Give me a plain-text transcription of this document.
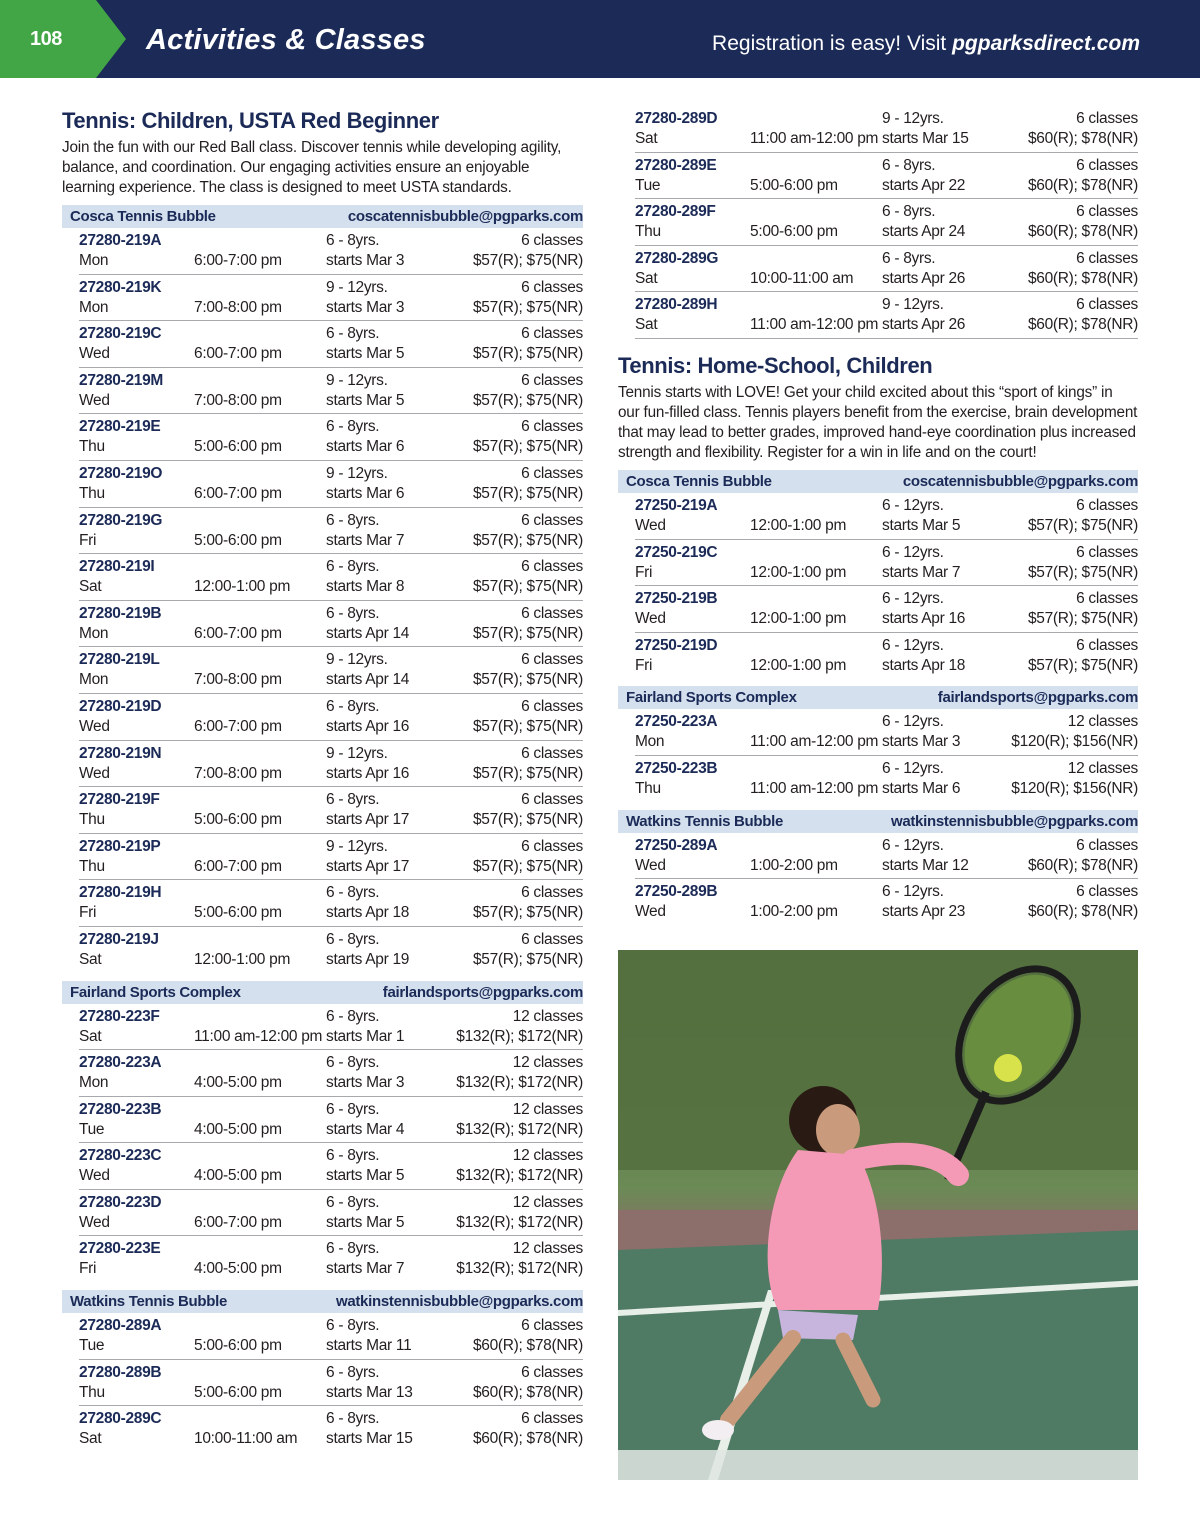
108	Activities & Classes	Registration is easy! Visit pgparksdirect.com
Tennis: Children, USTA Red Beginner

Join the fun with our Red Ball class. Discover tennis while developing agility, balance, and coordination. Our engaging activities ensure an enjoyable learning experience. The class is designed to meet USTA standards.

Cosca Tennis Bubble	coscatennisbubble@pgparks.com
27280-219A
Mon	6:00-7:00 pm
6 - 8yrs.	6 classes
starts Mar 3	$57(R); $75(NR)
27280-219K
Mon	7:00-8:00 pm
9 - 12yrs.	6 classes
starts Mar 3	$57(R); $75(NR)
27280-219C
Wed	6:00-7:00 pm
6 - 8yrs.	6 classes
starts Mar 5	$57(R); $75(NR)
27280-219M
Wed	7:00-8:00 pm
9 - 12yrs.	6 classes
starts Mar 5	$57(R); $75(NR)
27280-219E
Thu	5:00-6:00 pm
6 - 8yrs.	6 classes
starts Mar 6	$57(R); $75(NR)
27280-219O
Thu	6:00-7:00 pm
9 - 12yrs.	6 classes
starts Mar 6	$57(R); $75(NR)
27280-219G
Fri	5:00-6:00 pm
6 - 8yrs.	6 classes
starts Mar 7	$57(R); $75(NR)
27280-219I
Sat	12:00-1:00 pm
6 - 8yrs.	6 classes
starts Mar 8	$57(R); $75(NR)
27280-219B
Mon	6:00-7:00 pm
6 - 8yrs.	6 classes
starts Apr 14	$57(R); $75(NR)
27280-219L
Mon	7:00-8:00 pm
9 - 12yrs.	6 classes
starts Apr 14	$57(R); $75(NR)
27280-219D
Wed	6:00-7:00 pm
6 - 8yrs.	6 classes
starts Apr 16	$57(R); $75(NR)
27280-219N
Wed	7:00-8:00 pm
9 - 12yrs.	6 classes
starts Apr 16	$57(R); $75(NR)
27280-219F
Thu	5:00-6:00 pm
6 - 8yrs.	6 classes
starts Apr 17	$57(R); $75(NR)
27280-219P
Thu	6:00-7:00 pm
9 - 12yrs.	6 classes
starts Apr 17	$57(R); $75(NR)
27280-219H
Fri	5:00-6:00 pm
6 - 8yrs.	6 classes
starts Apr 18	$57(R); $75(NR)
27280-219J
Sat	12:00-1:00 pm
6 - 8yrs.	6 classes
starts Apr 19	$57(R); $75(NR)
Fairland Sports Complex	fairlandsports@pgparks.com
27280-223F
Sat	11:00 am-12:00 pm
6 - 8yrs.	12 classes
starts Mar 1	$132(R); $172(NR)
27280-223A
Mon	4:00-5:00 pm
6 - 8yrs.	12 classes
starts Mar 3	$132(R); $172(NR)
27280-223B
Tue	4:00-5:00 pm
6 - 8yrs.	12 classes
starts Mar 4	$132(R); $172(NR)
27280-223C
Wed	4:00-5:00 pm
6 - 8yrs.	12 classes
starts Mar 5	$132(R); $172(NR)
27280-223D
Wed	6:00-7:00 pm
6 - 8yrs.	12 classes
starts Mar 5	$132(R); $172(NR)
27280-223E
Fri	4:00-5:00 pm
6 - 8yrs.	12 classes
starts Mar 7	$132(R); $172(NR)
Watkins Tennis Bubble	watkinstennisbubble@pgparks.com
27280-289A
Tue	5:00-6:00 pm
6 - 8yrs.	6 classes
starts Mar 11	$60(R); $78(NR)
27280-289B
Thu	5:00-6:00 pm
6 - 8yrs.	6 classes
starts Mar 13	$60(R); $78(NR)
27280-289C
Sat	10:00-11:00 am
6 - 8yrs.	6 classes
starts Mar 15	$60(R); $78(NR)
27280-289D
Sat	11:00 am-12:00 pm
9 - 12yrs.	6 classes
starts Mar 15	$60(R); $78(NR)
27280-289E
Tue	5:00-6:00 pm
6 - 8yrs.	6 classes
starts Apr 22	$60(R); $78(NR)
27280-289F
Thu	5:00-6:00 pm
6 - 8yrs.	6 classes
starts Apr 24	$60(R); $78(NR)
27280-289G
Sat	10:00-11:00 am
6 - 8yrs.	6 classes
starts Apr 26	$60(R); $78(NR)
27280-289H
Sat	11:00 am-12:00 pm
9 - 12yrs.	6 classes
starts Apr 26	$60(R); $78(NR)
Tennis: Home-School, Children

Tennis starts with LOVE! Get your child excited about this “sport of kings” in our fun-filled class. Tennis players benefit from the exercise, brain development that may lead to better grades, improved hand-eye coordination plus increased strength and flexibility. Register for a win in life and on the court!

Cosca Tennis Bubble	coscatennisbubble@pgparks.com
27250-219A
Wed	12:00-1:00 pm
6 - 12yrs.	6 classes
starts Mar 5	$57(R); $75(NR)
27250-219C
Fri	12:00-1:00 pm
6 - 12yrs.	6 classes
starts Mar 7	$57(R); $75(NR)
27250-219B
Wed	12:00-1:00 pm
6 - 12yrs.	6 classes
starts Apr 16	$57(R); $75(NR)
27250-219D
Fri	12:00-1:00 pm
6 - 12yrs.	6 classes
starts Apr 18	$57(R); $75(NR)
Fairland Sports Complex	fairlandsports@pgparks.com
27250-223A
Mon	11:00 am-12:00 pm
6 - 12yrs.	12 classes
starts Mar 3	$120(R); $156(NR)
27250-223B
Thu	11:00 am-12:00 pm
6 - 12yrs.	12 classes
starts Mar 6	$120(R); $156(NR)
Watkins Tennis Bubble	watkinstennisbubble@pgparks.com
27250-289A
Wed	1:00-2:00 pm
6 - 12yrs.	6 classes
starts Mar 12	$60(R); $78(NR)
27250-289B
Wed	1:00-2:00 pm
6 - 12yrs.	6 classes
starts Apr 23	$60(R); $78(NR)
